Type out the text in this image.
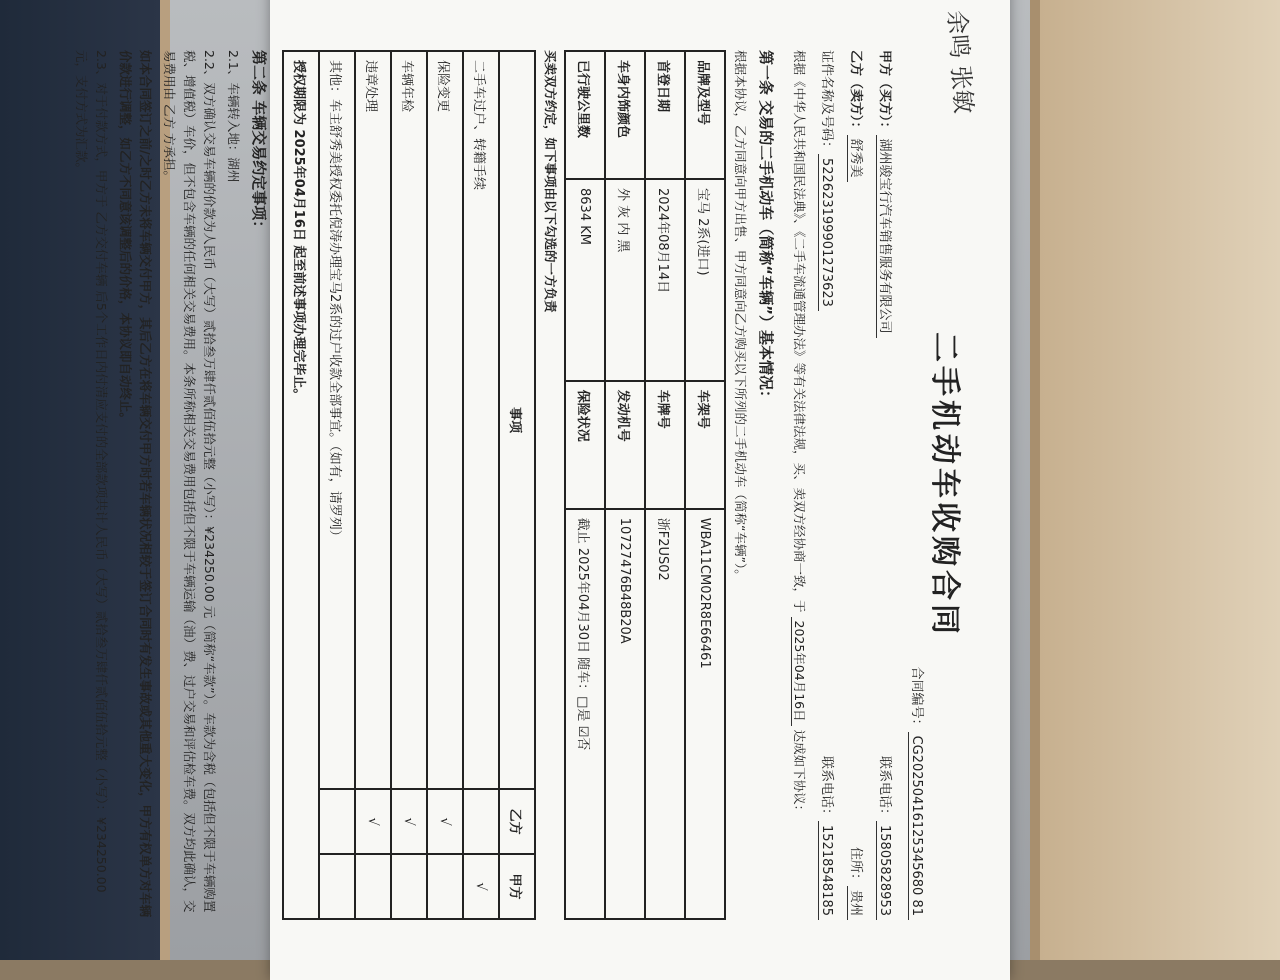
余鸣 张敏
二手机动车收购合同
合同编号：CG20250416125345680 81
甲方（买方）：湖州骏宝行汽车销售服务有限公司
联系电话：15805828953
乙方（卖方）：舒秀美
住所：贵州
证件名称及号码：522623199901273623
联系电话：15218548185
根据《中华人民共和国民法典》、《二手车流通管理办法》等有关法律法规，买、卖双方经协商一致，于 2025年04月16日 达成如下协议：
第一条 交易的二手机动车（简称“车辆”）基本情况：
根据本协议，乙方同意向甲方出售、甲方同意向乙方购买以下所列的二手机动车（简称“车辆”）。
品牌及型号	宝马 2系(进口)	车架号	WBA11CM02R8E66461
首登日期	2024年08月14日	车牌号	浙F2US02
车身内饰颜色	外 灰 内 黑	发动机号	10727476B48B20A
已行驶公里数	8634 KM	保险状况	截止 2025年04月30日 随车：□是 ☑否
买卖双方约定，如下事项由以下勾选的一方负责
事项	乙方	甲方
二手车过户、转籍手续		√
保险变更	√	
车辆年检	√	
违章处理	√	
其他：车主舒秀美授权委托倪涛办理宝马2系的过户收款全部事宜。（如有，请罗列）		
授权期限为 2025年04月16日 起至前述事项办理完毕止。		
第二条 车辆交易约定事项：
2.1、车辆转入地：湖州
2.2、双方确认交易车辆的价款为人民币（大写）贰拾叁万肆仟贰佰伍拾元整（小写）：¥234250.00 元（简称“车款”）。车款为含税（包括但不限于车辆购置税、增值税）车价，但不包含车辆的任何相关交易费用。本条所称相关交易费用包括但不限于车辆运输（油）费、过户交易和评估检车费。双方均此确认，交易费用由 乙方 方承担。
如本合同签订之前/之时乙方未将车辆交付甲方，其后乙方在将车辆交付甲方时若车辆状况相较于签订合同时有发生事故或其他重大变化，甲方有权单方对车辆价款进行调整，如乙方不同意该调整后的价格，本协议即自动终止。
2.3、对于付款方式，甲方于 乙方交付车辆 后5个工作日内付清应支付的全部款项共计人民币（大写）贰拾叁万肆仟贰佰伍拾元整（小写）：¥234250.00 元，支付方式为汇款。
